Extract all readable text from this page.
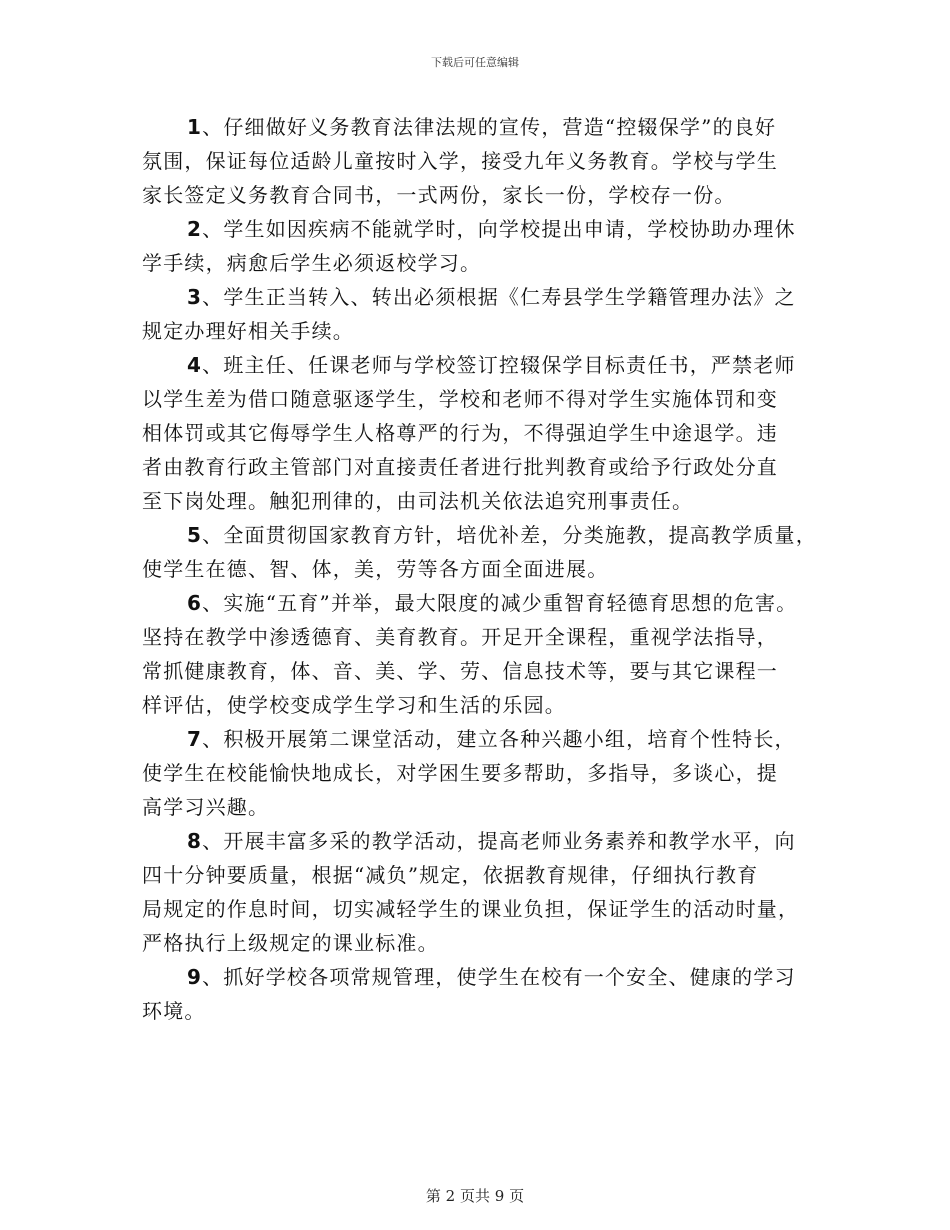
下载后可任意编辑

1、仔细做好义务教育法律法规的宣传，营造“控辍保学”的良好
氛围，保证每位适龄儿童按时入学，接受九年义务教育。学校与学生
家长签定义务教育合同书，一式两份，家长一份，学校存一份。

2、学生如因疾病不能就学时，向学校提出申请，学校协助办理休
学手续，病愈后学生必须返校学习。

3、学生正当转入、转出必须根据《仁寿县学生学籍管理办法》之
规定办理好相关手续。

4、班主任、任课老师与学校签订控辍保学目标责任书，严禁老师
以学生差为借口随意驱逐学生，学校和老师不得对学生实施体罚和变
相体罚或其它侮辱学生人格尊严的行为，不得强迫学生中途退学。违
者由教育行政主管部门对直接责任者进行批判教育或给予行政处分直
至下岗处理。触犯刑律的，由司法机关依法追究刑事责任。

5、全面贯彻国家教育方针，培优补差，分类施教，提高教学质量，
使学生在德、智、体，美，劳等各方面全面进展。

6、实施“五育”并举，最大限度的减少重智育轻德育思想的危害。
坚持在教学中渗透德育、美育教育。开足开全课程，重视学法指导，
常抓健康教育，体、音、美、学、劳、信息技术等，要与其它课程一
样评估，使学校变成学生学习和生活的乐园。

7、积极开展第二课堂活动，建立各种兴趣小组，培育个性特长，
使学生在校能愉快地成长，对学困生要多帮助，多指导，多谈心，提
高学习兴趣。

8、开展丰富多采的教学活动，提高老师业务素养和教学水平，向
四十分钟要质量，根据“减负”规定，依据教育规律，仔细执行教育
局规定的作息时间，切实减轻学生的课业负担，保证学生的活动时量，
严格执行上级规定的课业标准。

9、抓好学校各项常规管理，使学生在校有一个安全、健康的学习
环境。

第 2 页共 9 页
